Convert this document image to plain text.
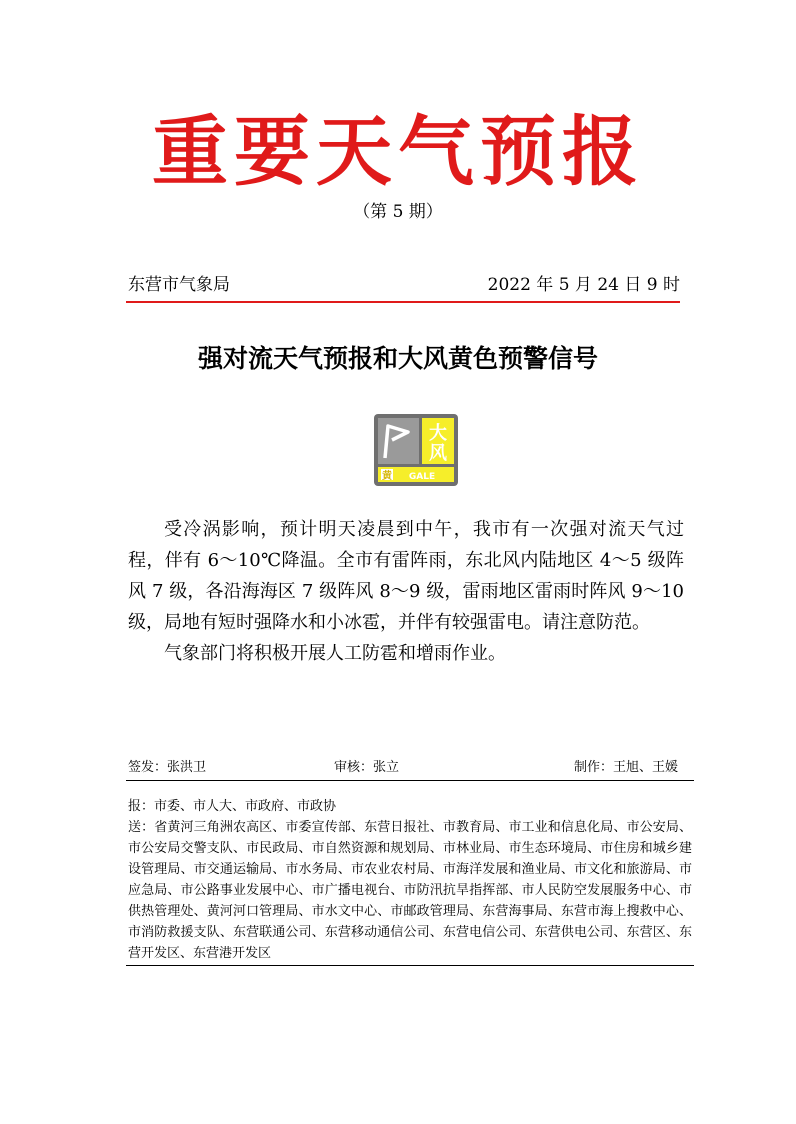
重要天气预报
（第 5 期）
东营市气象局	2022 年 5 月 24 日 9 时
强对流天气预报和大风黄色预警信号
大
风
黄 GALE

受冷涡影响，预计明天凌晨到中午，我市有一次强对流天气过程，伴有 6～10℃降温。全市有雷阵雨，东北风内陆地区 4～5 级阵风 7 级，各沿海海区 7 级阵风 8～9 级，雷雨地区雷雨时阵风 9～10 级，局地有短时强降水和小冰雹，并伴有较强雷电。请注意防范。

气象部门将积极开展人工防雹和增雨作业。

签发：张洪卫	审核：张立	制作：王旭、王媛

报：市委、市人大、市政府、市政协

送：省黄河三角洲农高区、市委宣传部、东营日报社、市教育局、市工业和信息化局、市公安局、市公安局交警支队、市民政局、市自然资源和规划局、市林业局、市生态环境局、市住房和城乡建设管理局、市交通运输局、市水务局、市农业农村局、市海洋发展和渔业局、市文化和旅游局、市应急局、市公路事业发展中心、市广播电视台、市防汛抗旱指挥部、市人民防空发展服务中心、市供热管理处、黄河河口管理局、市水文中心、市邮政管理局、东营海事局、东营市海上搜救中心、市消防救援支队、东营联通公司、东营移动通信公司、东营电信公司、东营供电公司、东营区、东营开发区、东营港开发区
